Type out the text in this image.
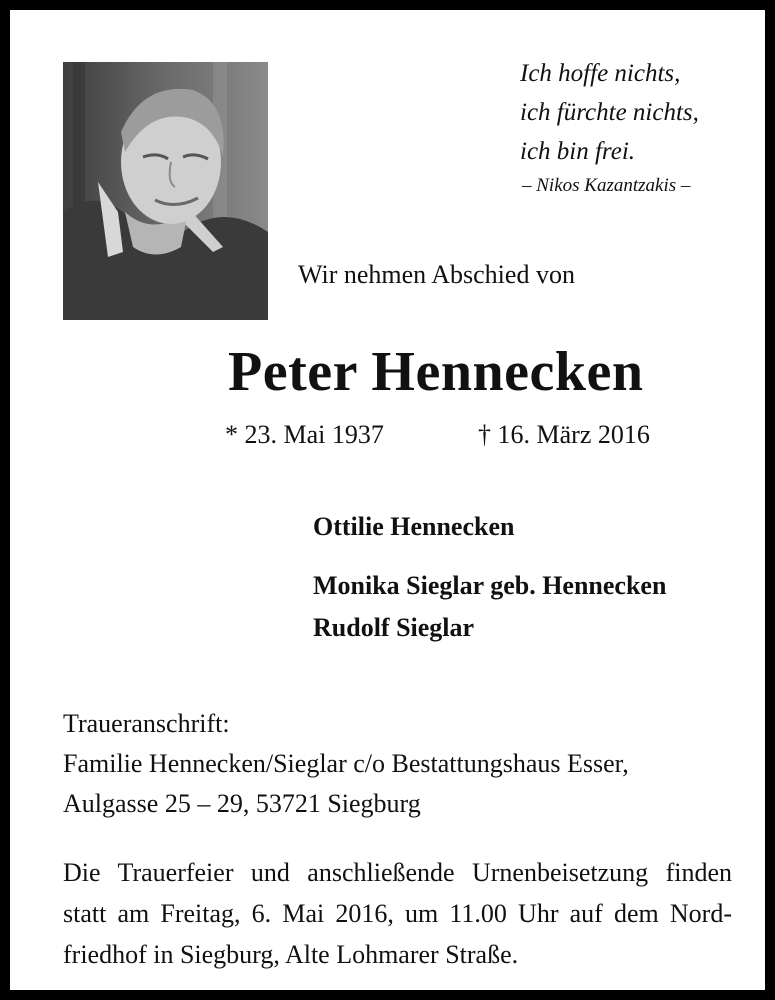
Ich hoffe nichts,
ich fürchte nichts,
ich bin frei.
– Nikos Kazantzakis –
Wir nehmen Abschied von
Peter Hennecken
* 23. Mai 1937	† 16. März 2016
Ottilie Hennecken
Monika Sieglar geb. Hennecken
Rudolf Sieglar
Traueranschrift:
Familie Hennecken/Sieglar c/o Bestattungshaus Esser,
Aulgasse 25 – 29, 53721 Siegburg
Die Trauerfeier und anschließende Urnenbeisetzung finden
statt am Freitag, 6. Mai 2016, um 11.00 Uhr auf dem Nord-
friedhof in Siegburg, Alte Lohmarer Straße.
